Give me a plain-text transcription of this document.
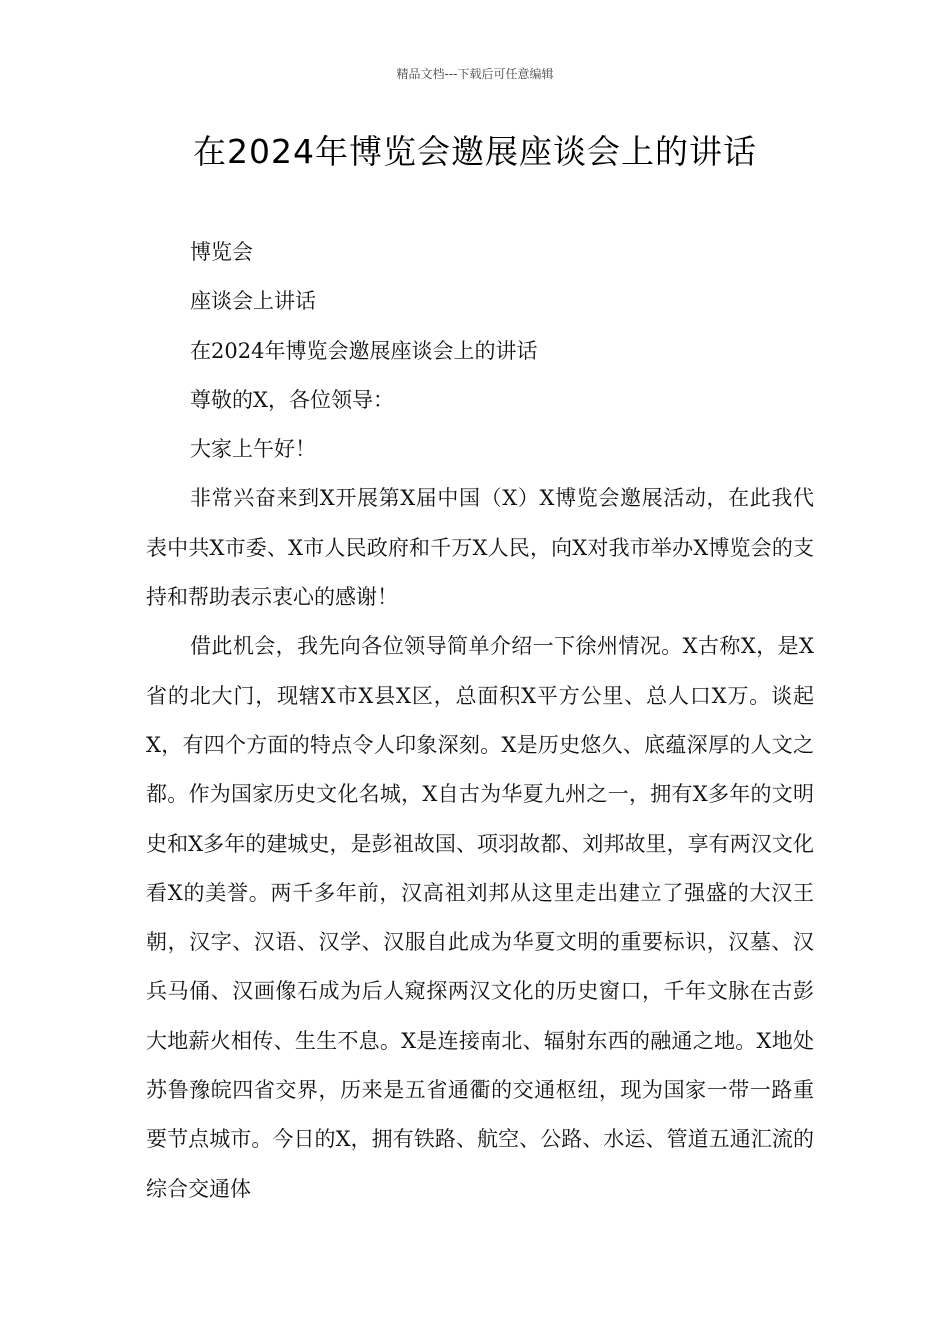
精品文档---下载后可任意编辑
在2024年博览会邀展座谈会上的讲话

博览会

座谈会上讲话

在2024年博览会邀展座谈会上的讲话

尊敬的X，各位领导：

大家上午好！

非常兴奋来到X开展第X届中国（X）X博览会邀展活动，在此我代表中共X市委、X市人民政府和千万X人民，向X对我市举办X博览会的支持和帮助表示衷心的感谢！

借此机会，我先向各位领导简单介绍一下徐州情况。X古称X，是X省的北大门，现辖X市X县X区，总面积X平方公里、总人口X万。谈起X，有四个方面的特点令人印象深刻。X是历史悠久、底蕴深厚的人文之都。作为国家历史文化名城，X自古为华夏九州之一，拥有X多年的文明史和X多年的建城史，是彭祖故国、项羽故都、刘邦故里，享有两汉文化看X的美誉。两千多年前，汉高祖刘邦从这里走出建立了强盛的大汉王朝，汉字、汉语、汉学、汉服自此成为华夏文明的重要标识，汉墓、汉兵马俑、汉画像石成为后人窥探两汉文化的历史窗口，千年文脉在古彭大地薪火相传、生生不息。X是连接南北、辐射东西的融通之地。X地处苏鲁豫皖四省交界，历来是五省通衢的交通枢纽，现为国家一带一路重要节点城市。今日的X，拥有铁路、航空、公路、水运、管道五通汇流的综合交通体
